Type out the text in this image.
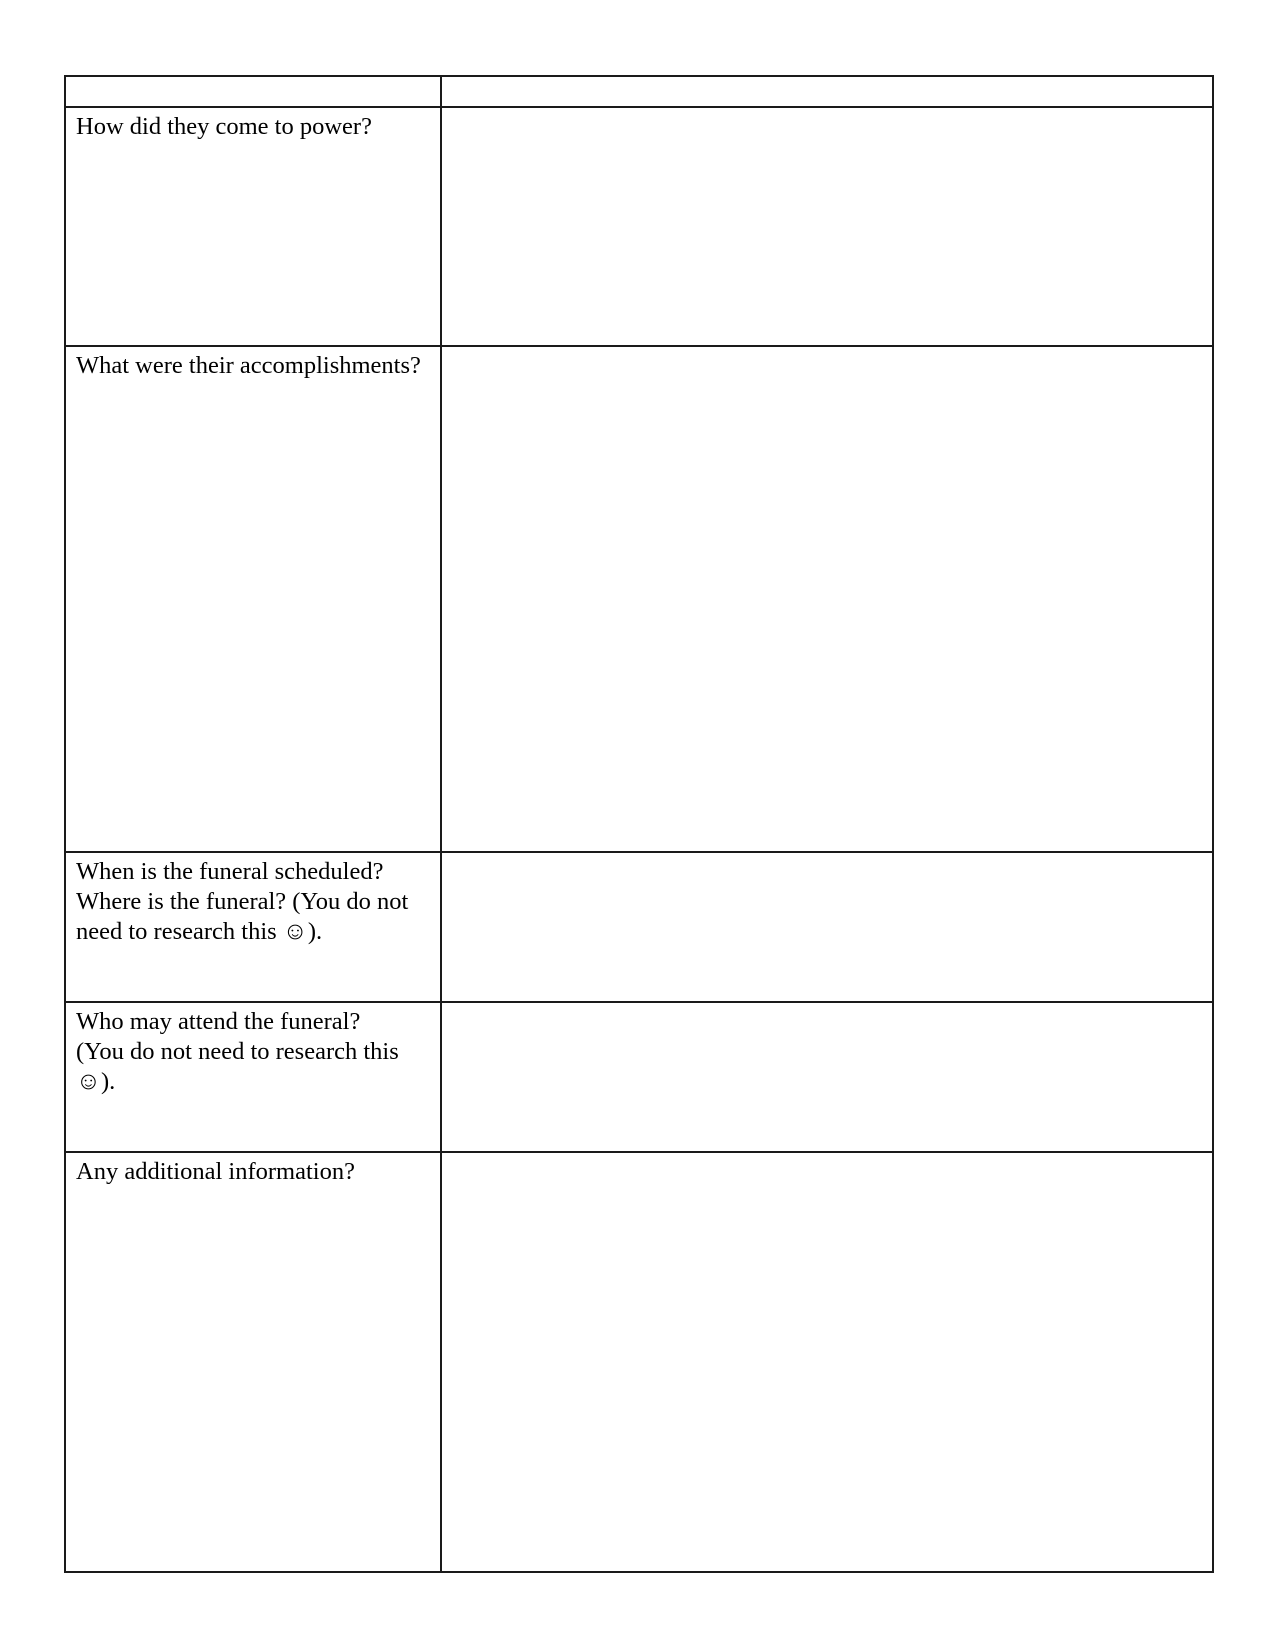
How did they come to power?	

What were their accomplishments?	

When is the funeral scheduled?
Where is the funeral? (You do not
need to research this ☺).	

Who may attend the funeral?
(You do not need to research this
☺).	

Any additional information?	
